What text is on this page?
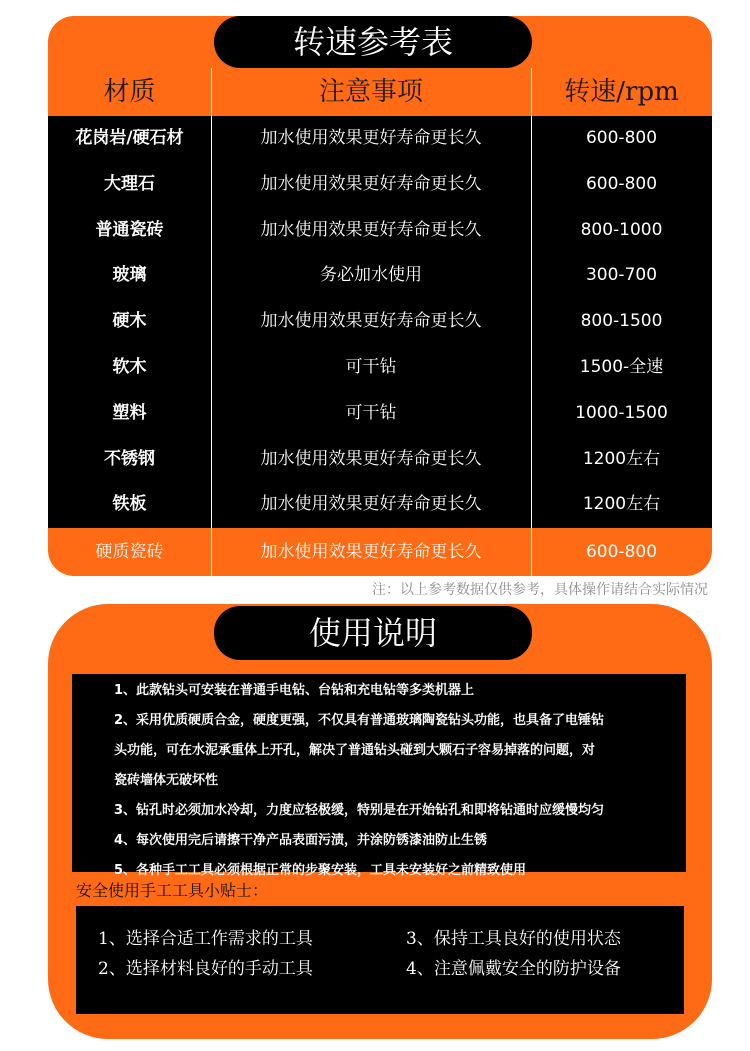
转速参考表
材质	注意事项	转速/rpm
花岗岩/硬石材	加水使用效果更好寿命更长久	600-800
大理石	加水使用效果更好寿命更长久	600-800
普通瓷砖	加水使用效果更好寿命更长久	800-1000
玻璃	务必加水使用	300-700
硬木	加水使用效果更好寿命更长久	800-1500
软木	可干钻	1500-全速
塑料	可干钻	1000-1500
不锈钢	加水使用效果更好寿命更长久	1200左右
铁板	加水使用效果更好寿命更长久	1200左右
硬质瓷砖	加水使用效果更好寿命更长久	600-800
注：以上参考数据仅供参考，具体操作请结合实际情况
使用说明
1、此款钻头可安装在普通手电钻、台钻和充电钻等多类机器上
2、采用优质硬质合金，硬度更强，不仅具有普通玻璃陶瓷钻头功能，也具备了电锤钻
头功能，可在水泥承重体上开孔，解决了普通钻头碰到大颗石子容易掉落的问题，对
瓷砖墙体无破坏性
3、钻孔时必须加水冷却，力度应轻极缓，特别是在开始钻孔和即将钻通时应缓慢均匀
4、每次使用完后请擦干净产品表面污渍，并涂防锈漆油防止生锈
5、各种手工工具必须根据正常的步聚安装，工具未安装好之前精致使用
安全使用手工工具小贴士：
1、选择合适工作需求的工具
2、选择材料良好的手动工具
3、保持工具良好的使用状态
4、注意佩戴安全的防护设备
